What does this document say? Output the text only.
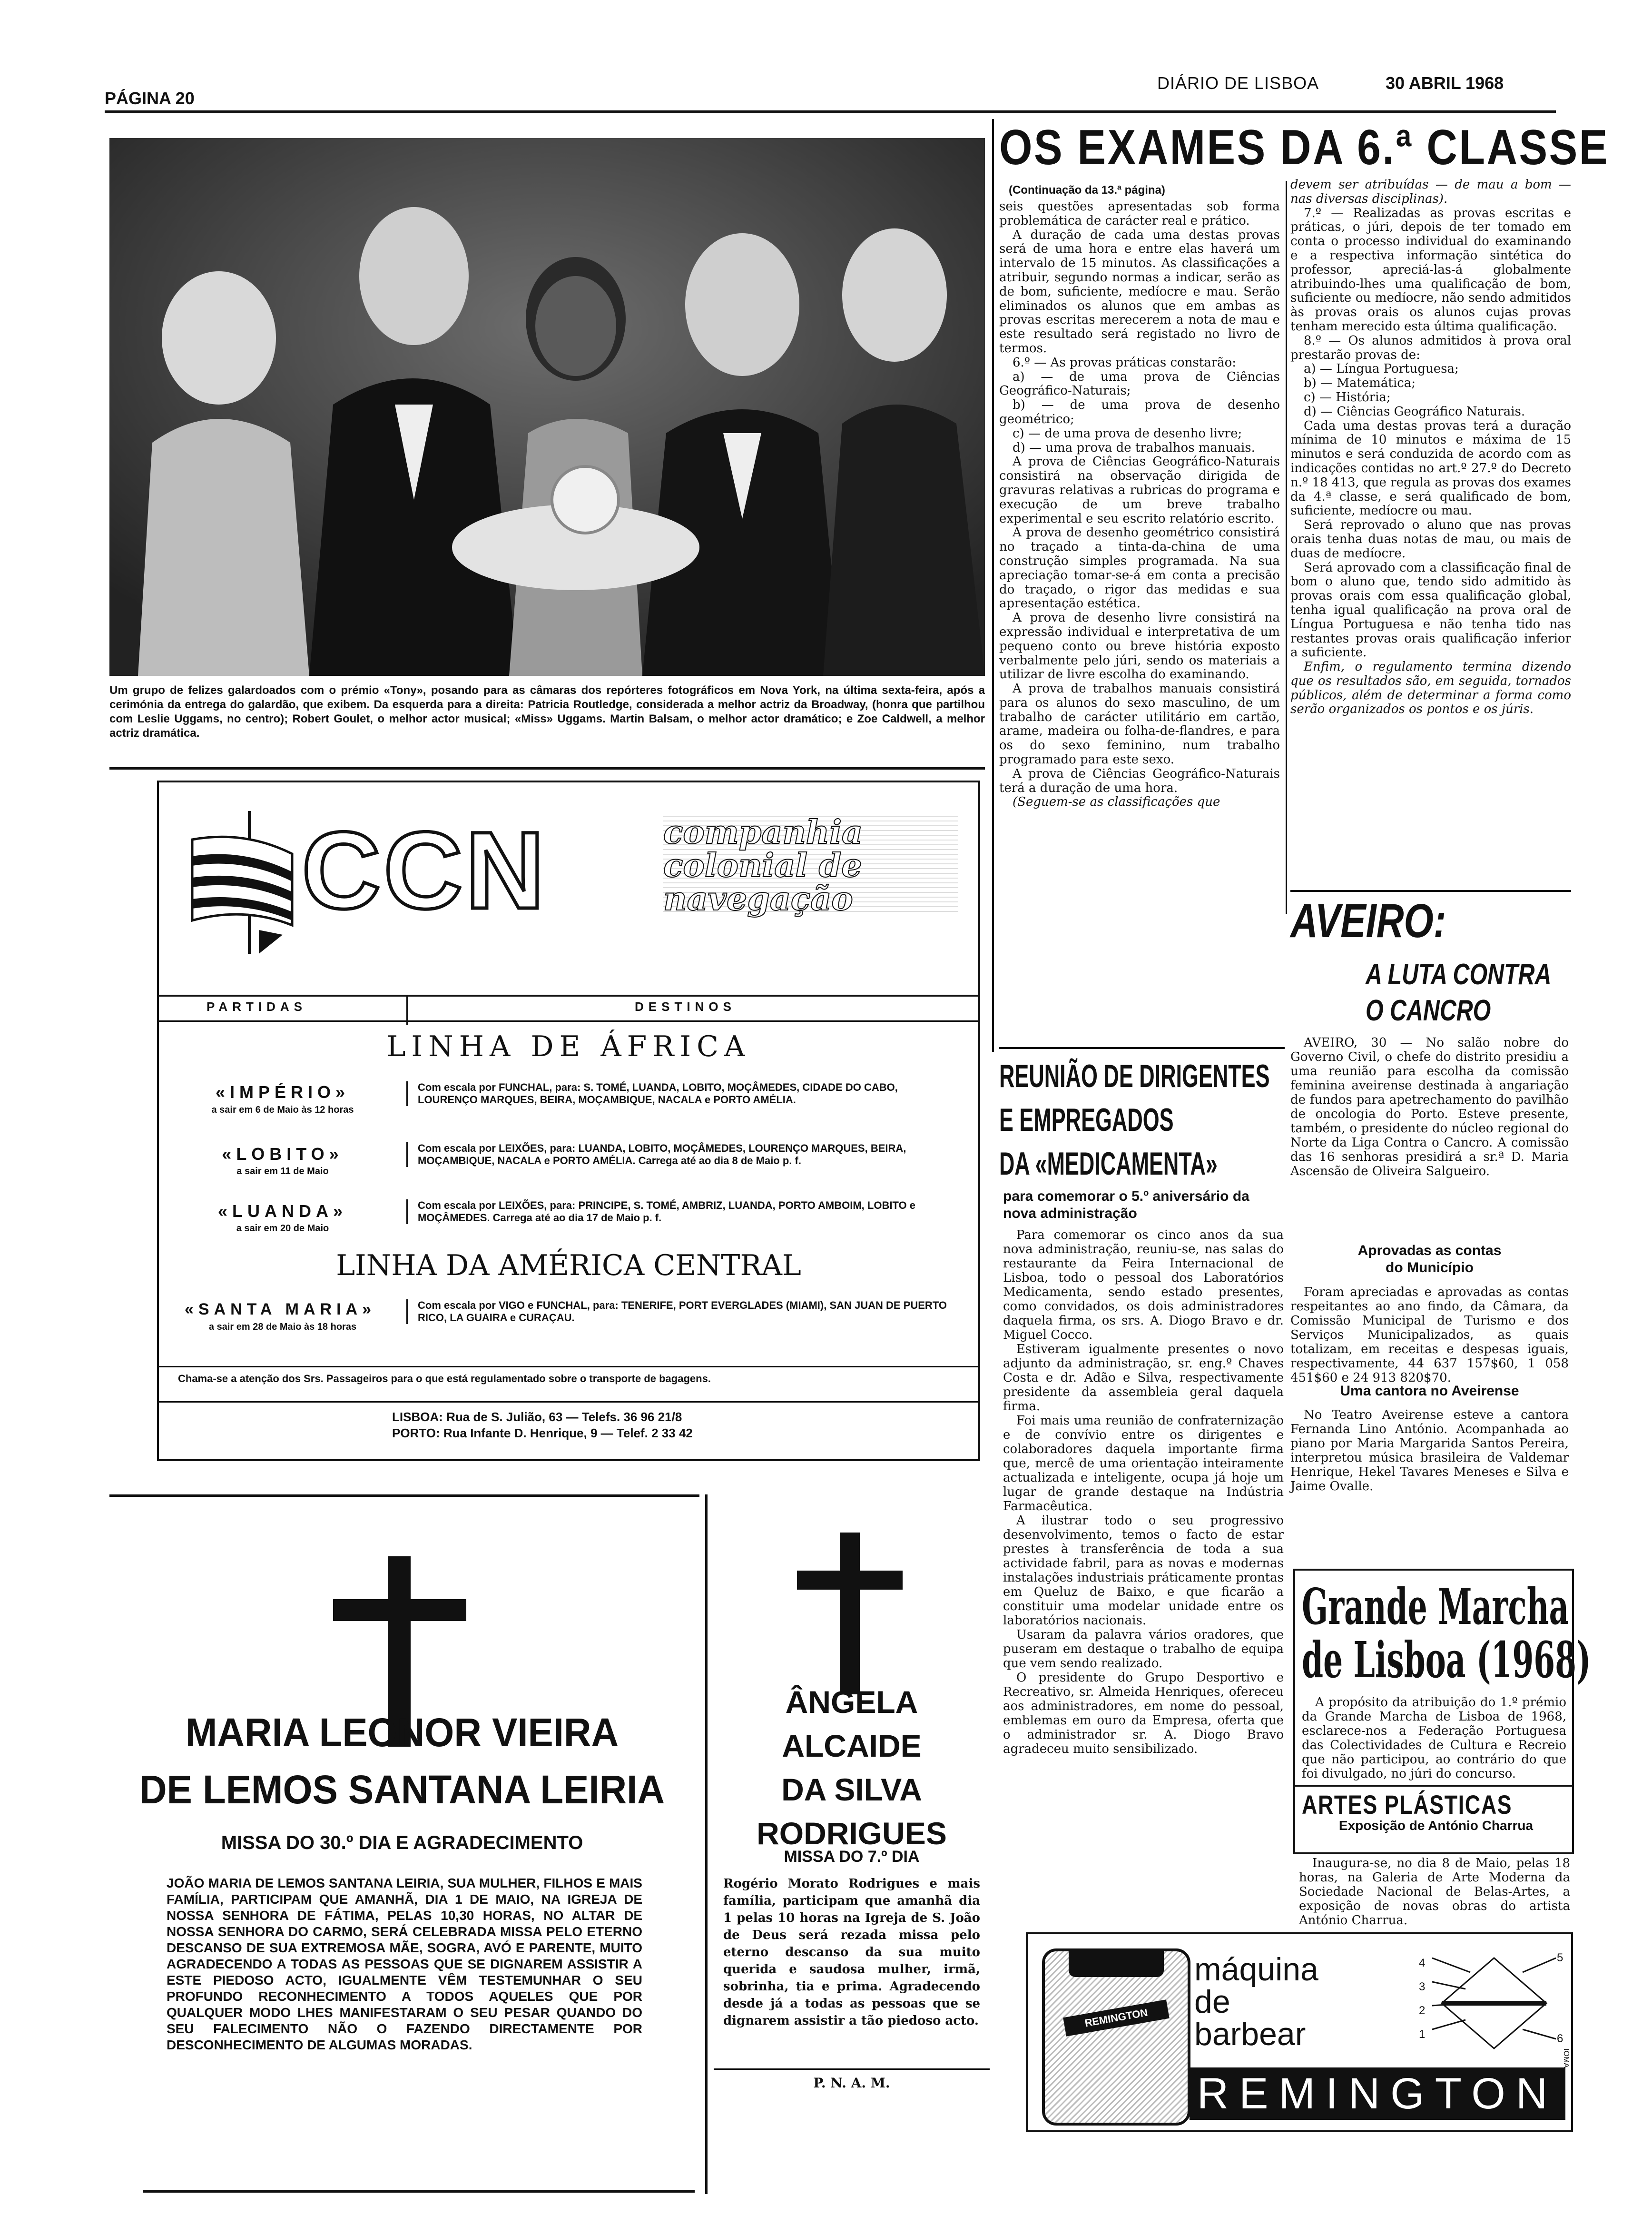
PÁGINA 20
DIÁRIO DE LISBOA	30 ABRIL 1968
Um grupo de felizes galardoados com o prémio «Tony», posando para as câmaras dos repórteres fotográficos em Nova York, na última sexta-feira, após a cerimónia da entrega do galardão, que exibem. Da esquerda para a direita: Patricia Routledge, considerada a melhor actriz da Broadway, (honra que partilhou com Leslie Uggams, no centro); Robert Goulet, o melhor actor musical; «Miss» Uggams. Martin Balsam, o melhor actor dramático; e Zoe Caldwell, a melhor actriz dramática.
CCN	companhia
colonial de
navegação
PARTIDAS	DESTINOS
LINHA DE ÁFRICA
«IMPÉRIO»
a sair em 6 de Maio às 12 horas
Com escala por FUNCHAL, para: S. TOMÉ, LUANDA, LOBITO, MOÇÂMEDES, CIDADE DO CABO, LOURENÇO MARQUES, BEIRA, MOÇAMBIQUE, NACALA e PORTO AMÉLIA.
«LOBITO»
a sair em 11 de Maio
Com escala por LEIXÕES, para: LUANDA, LOBITO, MOÇÂMEDES, LOURENÇO MARQUES, BEIRA, MOÇAMBIQUE, NACALA e PORTO AMÉLIA. Carrega até ao dia 8 de Maio p. f.
«LUANDA»
a sair em 20 de Maio
Com escala por LEIXÕES, para: PRINCIPE, S. TOMÉ, AMBRIZ, LUANDA, PORTO AMBOIM, LOBITO e MOÇÂMEDES. Carrega até ao dia 17 de Maio p. f.
LINHA DA AMÉRICA CENTRAL
«SANTA MARIA»
a sair em 28 de Maio às 18 horas
Com escala por VIGO e FUNCHAL, para: TENERIFE, PORT EVERGLADES (MIAMI), SAN JUAN DE PUERTO RICO, LA GUAIRA e CURAÇAU.
Chama-se a atenção dos Srs. Passageiros para o que está regulamentado sobre o transporte de bagagens.
LISBOA: Rua de S. Julião, 63 — Telefs. 36 96 21/8
PORTO: Rua Infante D. Henrique, 9 — Telef. 2 33 42
MARIA LEONOR VIEIRA
DE LEMOS SANTANA LEIRIA
MISSA DO 30.º DIA E AGRADECIMENTO
JOÃO MARIA DE LEMOS SANTANA LEIRIA, SUA MULHER, FILHOS E MAIS FAMÍLIA, PARTICIPAM QUE AMANHÃ, DIA 1 DE MAIO, NA IGREJA DE NOSSA SENHORA DE FÁTIMA, PELAS 10,30 HORAS, NO ALTAR DE NOSSA SENHORA DO CARMO, SERÁ CELEBRADA MISSA PELO ETERNO DESCANSO DE SUA EXTREMOSA MÃE, SOGRA, AVÓ E PARENTE, MUITO AGRADECENDO A TODAS AS PESSOAS QUE SE DIGNAREM ASSISTIR A ESTE PIEDOSO ACTO, IGUALMENTE VÊM TESTEMUNHAR O SEU PROFUNDO RECONHECIMENTO A TODOS AQUELES QUE POR QUALQUER MODO LHES MANIFESTARAM O SEU PESAR QUANDO DO SEU FALECIMENTO NÃO O FAZENDO DIRECTAMENTE POR DESCONHECIMENTO DE ALGUMAS MORADAS.
ÂNGELA ALCAIDE
DA SILVA
RODRIGUES
MISSA DO 7.º DIA
Rogério Morato Rodrigues e mais família, participam que amanhã dia 1 pelas 10 horas na Igreja de S. João de Deus será rezada missa pelo eterno descanso da sua muito querida e saudosa mulher, irmã, sobrinha, tia e prima. Agradecendo desde já a todas as pessoas que se dignarem assistir a tão piedoso acto.
P. N. A. M.
OS EXAMES DA 6.ª CLASSE
(Continuação da 13.ª página)

seis questões apresentadas sob forma problemática de carácter real e prático.

A duração de cada uma destas provas será de uma hora e entre elas haverá um intervalo de 15 minutos. As classificações a atribuir, segundo normas a indicar, serão as de bom, suficiente, medíocre e mau. Serão eliminados os alunos que em ambas as provas escritas merecerem a nota de mau e este resultado será registado no livro de termos.

6.º — As provas práticas constarão:

a) — de uma prova de Ciências Geográfico-Naturais;

b) — de uma prova de desenho geométrico;

c) — de uma prova de desenho livre;

d) — uma prova de trabalhos manuais.

A prova de Ciências Geográfico-Naturais consistirá na observação dirigida de gravuras relativas a rubricas do programa e execução de um breve trabalho experimental e seu escrito relatório escrito.

A prova de desenho geométrico consistirá no traçado a tinta-da-china de uma construção simples programada. Na sua apreciação tomar-se-á em conta a precisão do traçado, o rigor das medidas e sua apresentação estética.

A prova de desenho livre consistirá na expressão individual e interpretativa de um pequeno conto ou breve história exposto verbalmente pelo júri, sendo os materiais a utilizar de livre escolha do examinando.

A prova de trabalhos manuais consistirá para os alunos do sexo masculino, de um trabalho de carácter utilitário em cartão, arame, madeira ou folha-de-flandres, e para os do sexo feminino, num trabalho programado para este sexo.

A prova de Ciências Geográfico-Naturais terá a duração de uma hora.

(Seguem-se as classificações que

devem ser atribuídas — de mau a bom — nas diversas disciplinas).

7.º — Realizadas as provas escritas e práticas, o júri, depois de ter tomado em conta o processo individual do examinando e a respectiva informação sintética do professor, apreciá-las-á globalmente atribuindo-lhes uma qualificação de bom, suficiente ou medíocre, não sendo admitidos às provas orais os alunos cujas provas tenham merecido esta última qualificação.

8.º — Os alunos admitidos à prova oral prestarão provas de:

a) — Língua Portuguesa;

b) — Matemática;

c) — História;

d) — Ciências Geográfico Naturais.

Cada uma destas provas terá a duração mínima de 10 minutos e máxima de 15 minutos e será conduzida de acordo com as indicações contidas no art.º 27.º do Decreto n.º 18 413, que regula as provas dos exames da 4.ª classe, e será qualificado de bom, suficiente, medíocre ou mau.

Será reprovado o aluno que nas provas orais tenha duas notas de mau, ou mais de duas de medíocre.

Será aprovado com a classificação final de bom o aluno que, tendo sido admitido às provas orais com essa qualificação global, tenha igual qualificação na prova oral de Língua Portuguesa e não tenha tido nas restantes provas orais qualificação inferior a suficiente.

Enfim, o regulamento termina dizendo que os resultados são, em seguida, tornados públicos, além de determinar a forma como serão organizados os pontos e os júris.

REUNIÃO DE DIRIGENTES
E EMPREGADOS
DA «MEDICAMENTA»
para comemorar o 5.º aniversário da nova administração

Para comemorar os cinco anos da sua nova administração, reuniu-se, nas salas do restaurante da Feira Internacional de Lisboa, todo o pessoal dos Laboratórios Medicamenta, sendo estado presentes, como convidados, os dois administradores daquela firma, os srs. A. Diogo Bravo e dr. Miguel Cocco.

Estiveram igualmente presentes o novo adjunto da administração, sr. eng.º Chaves Costa e dr. Adão e Silva, respectivamente presidente da assembleia geral daquela firma.

Foi mais uma reunião de confraternização e de convívio entre os dirigentes e colaboradores daquela importante firma que, mercê de uma orientação inteiramente actualizada e inteligente, ocupa já hoje um lugar de grande destaque na Indústria Farmacêutica.

A ilustrar todo o seu progressivo desenvolvimento, temos o facto de estar prestes à transferência de toda a sua actividade fabril, para as novas e modernas instalações industriais práticamente prontas em Queluz de Baixo, e que ficarão a constituir uma modelar unidade entre os laboratórios nacionais.

Usaram da palavra vários oradores, que puseram em destaque o trabalho de equipa que vem sendo realizado.

O presidente do Grupo Desportivo e Recreativo, sr. Almeida Henriques, ofereceu aos administradores, em nome do pessoal, emblemas em ouro da Empresa, oferta que o administrador sr. A. Diogo Bravo agradeceu muito sensibilizado.

AVEIRO:
A LUTA CONTRA
O CANCRO

AVEIRO, 30 — No salão nobre do Governo Civil, o chefe do distrito presidiu a uma reunião para escolha da comissão feminina aveirense destinada à angariação de fundos para apetrechamento do pavilhão de oncologia do Porto. Esteve presente, também, o presidente do núcleo regional do Norte da Liga Contra o Cancro. A comissão das 16 senhoras presidirá a sr.ª D. Maria Ascensão de Oliveira Salgueiro.

Aprovadas as contas
do Município

Foram apreciadas e aprovadas as contas respeitantes ao ano findo, da Câmara, da Comissão Municipal de Turismo e dos Serviços Municipalizados, as quais totalizam, em receitas e despesas iguais, respectivamente, 44 637 157$60, 1 058 451$60 e 24 913 820$70.

Uma cantora no Aveirense

No Teatro Aveirense esteve a cantora Fernanda Lino António. Acompanhada ao piano por Maria Margarida Santos Pereira, interpretou música brasileira de Valdemar Henrique, Hekel Tavares Meneses e Silva e Jaime Ovalle.

Grande Marcha
de Lisboa (1968)

A propósito da atribuição do 1.º prémio da Grande Marcha de Lisboa de 1968, esclarece-nos a Federação Portuguesa das Colectividades de Cultura e Recreio que não participou, ao contrário do que foi divulgado, no júri do concurso.

ARTES PLÁSTICAS
Exposição de António Charrua

Inaugura-se, no dia 8 de Maio, pelas 18 horas, na Galeria de Arte Moderna da Sociedade Nacional de Belas-Artes, a exposição de novas obras do artista António Charrua.

REMINGTON
máquina
de
barbear
REMINGTON
4
3
2
1
5
6
IOMA
